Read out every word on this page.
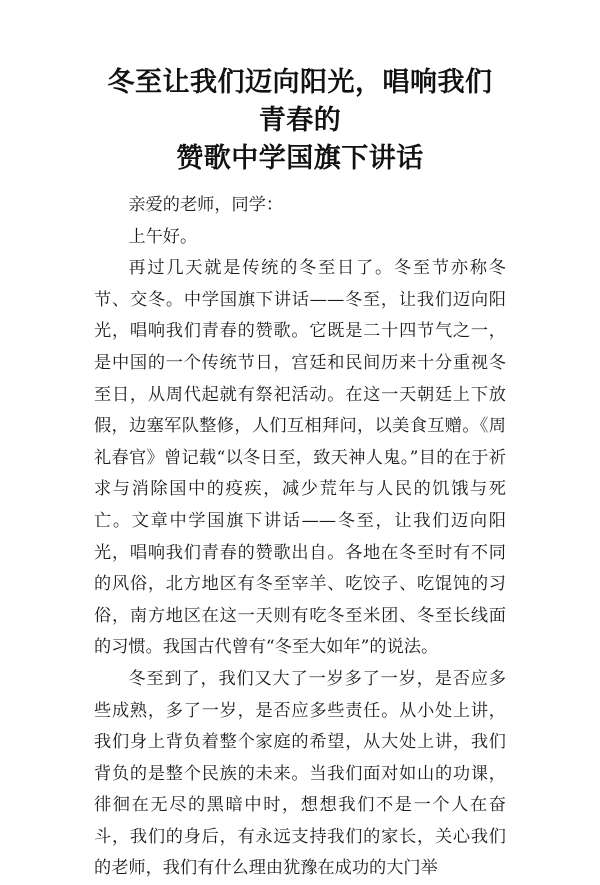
冬至让我们迈向阳光，唱响我们青春的
赞歌中学国旗下讲话

亲爱的老师，同学：

上午好。

再过几天就是传统的冬至日了。冬至节亦称冬节、交冬。中学国旗下讲话——冬至，让我们迈向阳光，唱响我们青春的赞歌。它既是二十四节气之一，是中国的一个传统节日，宫廷和民间历来十分重视冬至日，从周代起就有祭祀活动。在这一天朝廷上下放假，边塞军队整修，人们互相拜问，以美食互赠。《周礼春官》曾记载“以冬日至，致天神人鬼。”目的在于祈求与消除国中的疫疾，减少荒年与人民的饥饿与死亡。文章中学国旗下讲话——冬至，让我们迈向阳光，唱响我们青春的赞歌出自。各地在冬至时有不同的风俗，北方地区有冬至宰羊、吃饺子、吃馄饨的习俗，南方地区在这一天则有吃冬至米团、冬至长线面的习惯。我国古代曾有“冬至大如年”的说法。

冬至到了，我们又大了一岁多了一岁，是否应多些成熟，多了一岁，是否应多些责任。从小处上讲，我们身上背负着整个家庭的希望，从大处上讲，我们背负的是整个民族的未来。当我们面对如山的功课，徘徊在无尽的黑暗中时，想想我们不是一个人在奋斗，我们的身后，有永远支持我们的家长，关心我们的老师，我们有什么理由犹豫在成功的大门举
